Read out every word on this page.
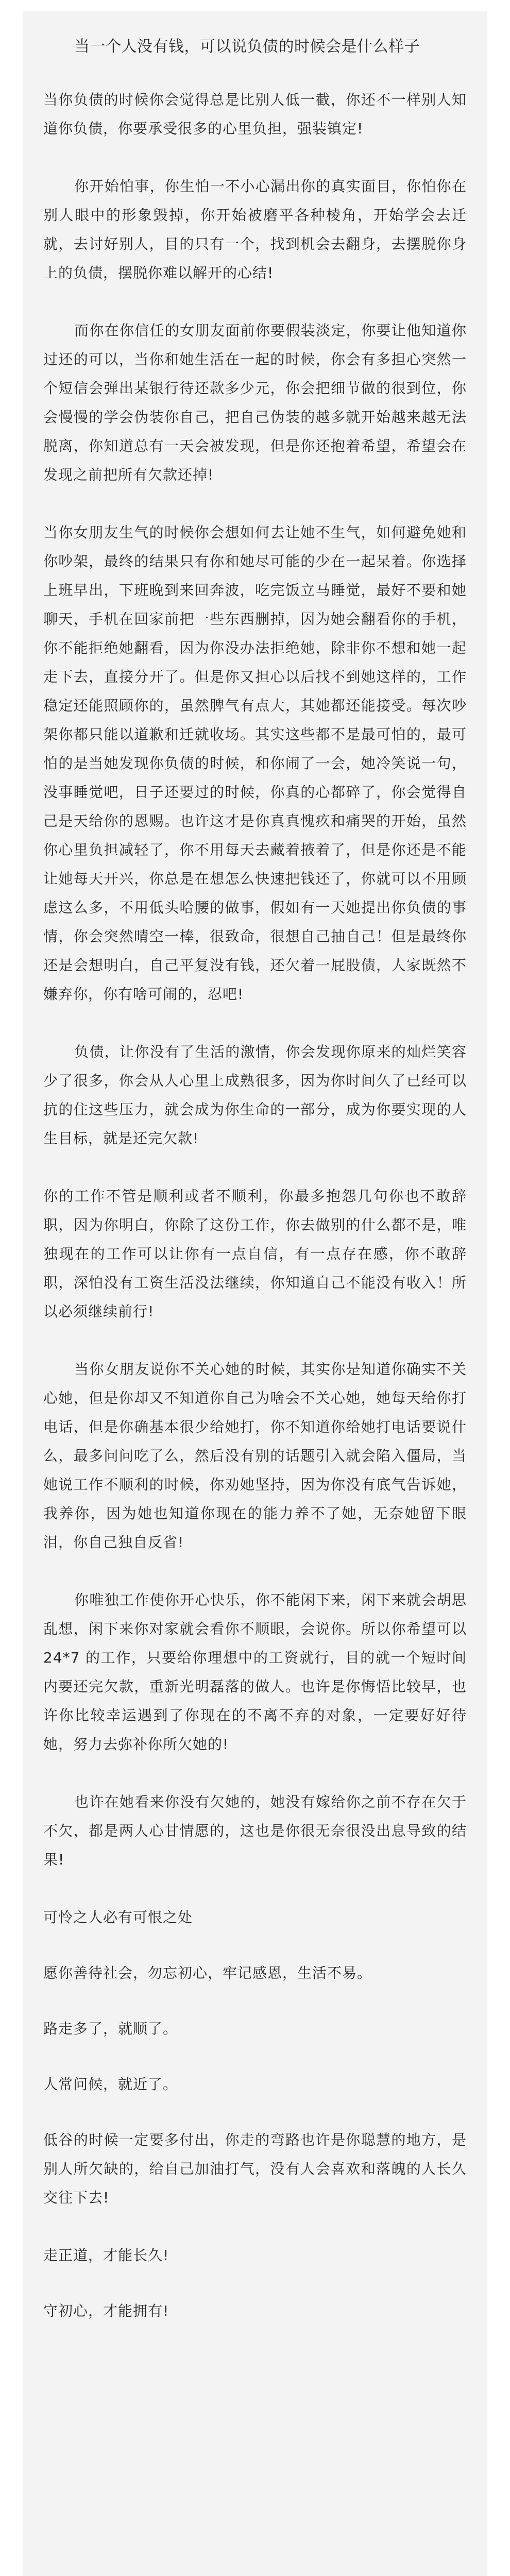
当一个人没有钱，可以说负债的时候会是什么样子
当你负债的时候你会觉得总是比别人低一截，你还不一样别人知道你负债，你要承受很多的心里负担，强装镇定!
你开始怕事，你生怕一不小心漏出你的真实面目，你怕你在别人眼中的形象毁掉，你开始被磨平各种棱角，开始学会去迁就，去讨好别人，目的只有一个，找到机会去翻身，去摆脱你身上的负债，摆脱你难以解开的心结!
而你在你信任的女朋友面前你要假装淡定，你要让他知道你过还的可以，当你和她生活在一起的时候，你会有多担心突然一个短信会弹出某银行待还款多少元，你会把细节做的很到位，你会慢慢的学会伪装你自己，把自己伪装的越多就开始越来越无法脱离，你知道总有一天会被发现，但是你还抱着希望，希望会在发现之前把所有欠款还掉!
当你女朋友生气的时候你会想如何去让她不生气，如何避免她和你吵架，最终的结果只有你和她尽可能的少在一起呆着。你选择上班早出，下班晚到来回奔波，吃完饭立马睡觉，最好不要和她聊天，手机在回家前把一些东西删掉，因为她会翻看你的手机，你不能拒绝她翻看，因为你没办法拒绝她，除非你不想和她一起走下去，直接分开了。但是你又担心以后找不到她这样的，工作稳定还能照顾你的，虽然脾气有点大，其她都还能接受。每次吵架你都只能以道歉和迁就收场。其实这些都不是最可怕的，最可怕的是当她发现你负债的时候，和你闹了一会，她冷笑说一句，没事睡觉吧，日子还要过的时候，你真的心都碎了，你会觉得自己是天给你的恩赐。也许这才是你真真愧疚和痛哭的开始，虽然你心里负担减轻了，你不用每天去藏着掖着了，但是你还是不能让她每天开兴，你总是在想怎么快速把钱还了，你就可以不用顾虑这么多，不用低头哈腰的做事，假如有一天她提出你负债的事情，你会突然晴空一棒，很致命，很想自己抽自己！但是最终你还是会想明白，自己平复没有钱，还欠着一屁股债，人家既然不嫌弃你，你有啥可闹的，忍吧!
负债，让你没有了生活的激情，你会发现你原来的灿烂笑容少了很多，你会从人心里上成熟很多，因为你时间久了已经可以抗的住这些压力，就会成为你生命的一部分，成为你要实现的人生目标，就是还完欠款!
你的工作不管是顺利或者不顺利，你最多抱怨几句你也不敢辞职，因为你明白，你除了这份工作，你去做别的什么都不是，唯独现在的工作可以让你有一点自信，有一点存在感，你不敢辞职，深怕没有工资生活没法继续，你知道自己不能没有收入！所以必须继续前行!
当你女朋友说你不关心她的时候，其实你是知道你确实不关心她，但是你却又不知道你自己为啥会不关心她，她每天给你打电话，但是你确基本很少给她打，你不知道你给她打电话要说什么，最多问问吃了么，然后没有别的话题引入就会陷入僵局，当她说工作不顺利的时候，你劝她坚持，因为你没有底气告诉她，我养你，因为她也知道你现在的能力养不了她，无奈她留下眼泪，你自己独自反省!
你唯独工作使你开心快乐，你不能闲下来，闲下来就会胡思乱想，闲下来你对家就会看你不顺眼，会说你。所以你希望可以 24*7 的工作，只要给你理想中的工资就行，目的就一个短时间内要还完欠款，重新光明磊落的做人。也许是你悔悟比较早，也许你比较幸运遇到了你现在的不离不弃的对象，一定要好好待她，努力去弥补你所欠她的!
也许在她看来你没有欠她的，她没有嫁给你之前不存在欠于不欠，都是两人心甘情愿的，这也是你很无奈很没出息导致的结果!
可怜之人必有可恨之处
愿你善待社会，勿忘初心，牢记感恩，生活不易。
路走多了，就顺了。
人常问候，就近了。
低谷的时候一定要多付出，你走的弯路也许是你聪慧的地方，是别人所欠缺的，给自己加油打气，没有人会喜欢和落魄的人长久交往下去!
走正道，才能长久!
守初心，才能拥有!
